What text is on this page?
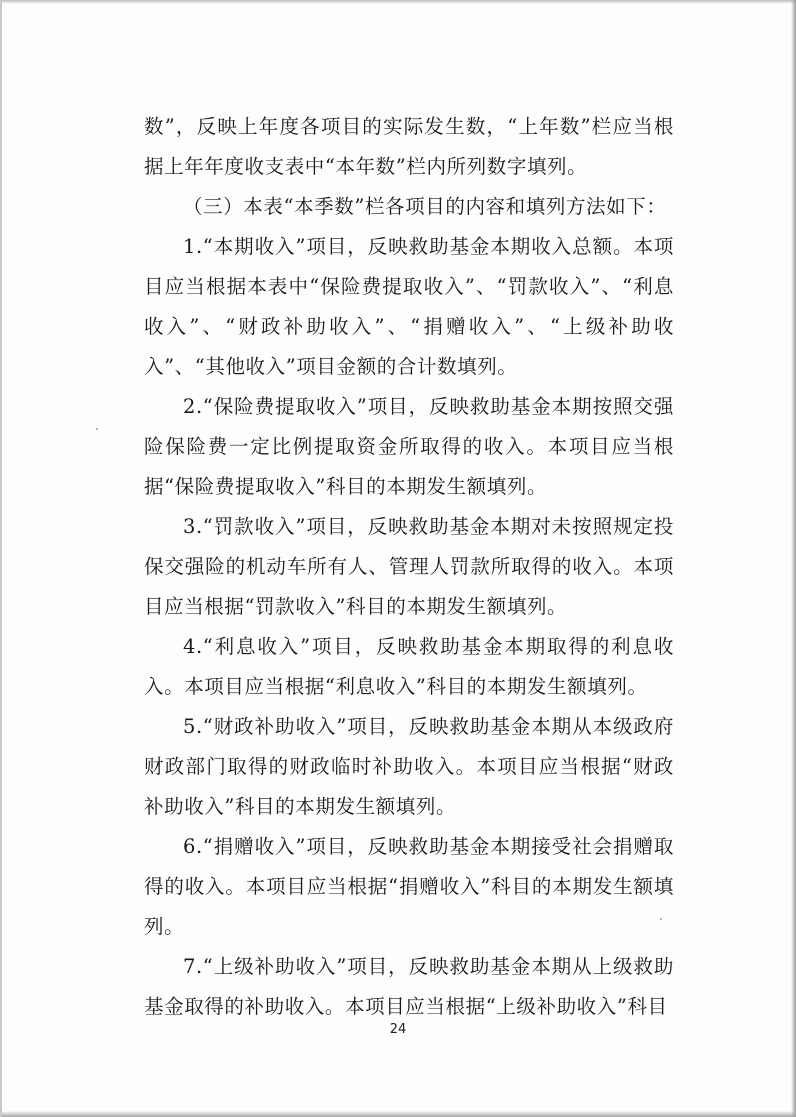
数”，反映上年度各项目的实际发生数，“上年数”栏应当根据上年年度收支表中“本年数”栏内所列数字填列。

（三）本表“本季数”栏各项目的内容和填列方法如下：

1.“本期收入”项目，反映救助基金本期收入总额。本项目应当根据本表中“保险费提取收入”、“罚款收入”、“利息收入”、“财政补助收入”、“捐赠收入”、“上级补助收入”、“其他收入”项目金额的合计数填列。

2.“保险费提取收入”项目，反映救助基金本期按照交强险保险费一定比例提取资金所取得的收入。本项目应当根据“保险费提取收入”科目的本期发生额填列。

3.“罚款收入”项目，反映救助基金本期对未按照规定投保交强险的机动车所有人、管理人罚款所取得的收入。本项目应当根据“罚款收入”科目的本期发生额填列。

4.“利息收入”项目，反映救助基金本期取得的利息收入。本项目应当根据“利息收入”科目的本期发生额填列。

5.“财政补助收入”项目，反映救助基金本期从本级政府财政部门取得的财政临时补助收入。本项目应当根据“财政补助收入”科目的本期发生额填列。

6.“捐赠收入”项目，反映救助基金本期接受社会捐赠取得的收入。本项目应当根据“捐赠收入”科目的本期发生额填列。

7.“上级补助收入”项目，反映救助基金本期从上级救助基金取得的补助收入。本项目应当根据“上级补助收入”科目

24
